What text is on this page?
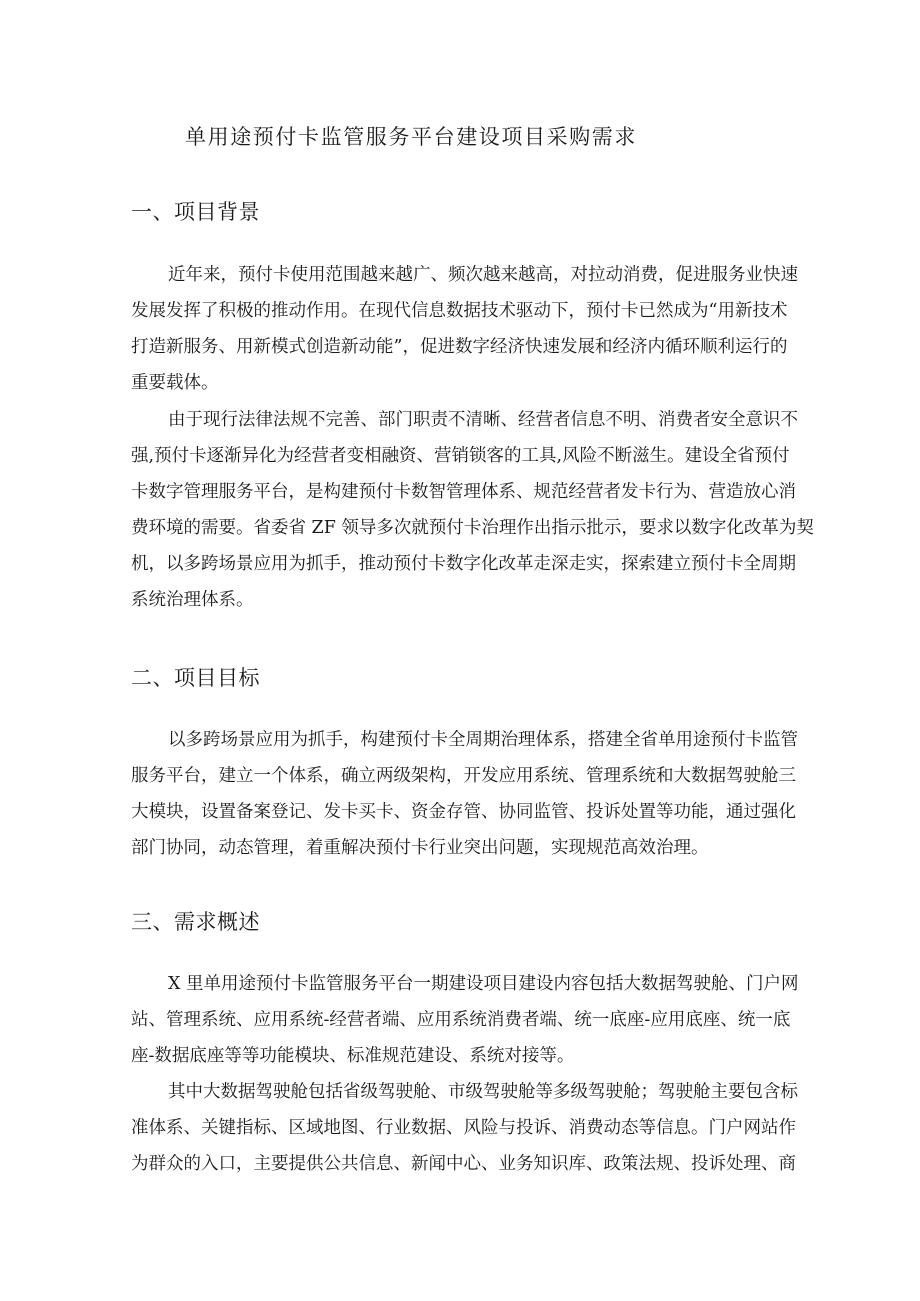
单用途预付卡监管服务平台建设项目采购需求
一、项目背景
近年来，预付卡使用范围越来越广、频次越来越高，对拉动消费，促进服务业快速
发展发挥了积极的推动作用。在现代信息数据技术驱动下，预付卡已然成为“用新技术
打造新服务、用新模式创造新动能”，促进数字经济快速发展和经济内循环顺利运行的
重要载体。
由于现行法律法规不完善、部门职责不清晰、经营者信息不明、消费者安全意识不
强,预付卡逐渐异化为经营者变相融资、营销锁客的工具,风险不断滋生。建设全省预付
卡数字管理服务平台，是构建预付卡数智管理体系、规范经营者发卡行为、营造放心消
费环境的需要。省委省 ZF 领导多次就预付卡治理作出指示批示，要求以数字化改革为契
机，以多跨场景应用为抓手，推动预付卡数字化改革走深走实，探索建立预付卡全周期
系统治理体系。
二、项目目标
以多跨场景应用为抓手，构建预付卡全周期治理体系，搭建全省单用途预付卡监管
服务平台，建立一个体系，确立两级架构，开发应用系统、管理系统和大数据驾驶舱三
大模块，设置备案登记、发卡买卡、资金存管、协同监管、投诉处置等功能，通过强化
部门协同，动态管理，着重解决预付卡行业突出问题，实现规范高效治理。
三、需求概述
X 里单用途预付卡监管服务平台一期建设项目建设内容包括大数据驾驶舱、门户网
站、管理系统、应用系统-经营者端、应用系统消费者端、统一底座-应用底座、统一底
座-数据底座等等功能模块、标准规范建设、系统对接等。
其中大数据驾驶舱包括省级驾驶舱、市级驾驶舱等多级驾驶舱；驾驶舱主要包含标
准体系、关键指标、区域地图、行业数据、风险与投诉、消费动态等信息。门户网站作
为群众的入口，主要提供公共信息、新闻中心、业务知识库、政策法规、投诉处理、商
